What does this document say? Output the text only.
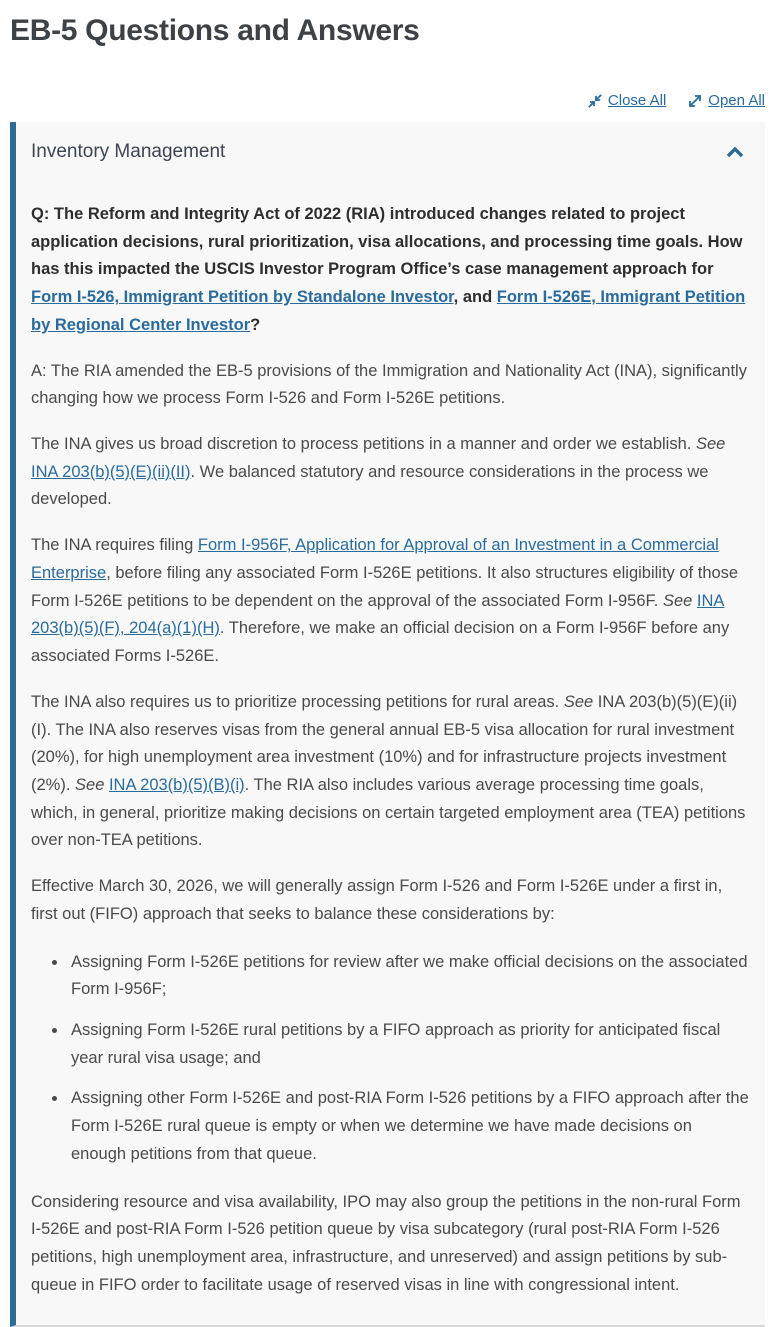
EB-5 Questions and Answers
Close All	Open All
Inventory Management

Q: The Reform and Integrity Act of 2022 (RIA) introduced changes related to project application decisions, rural prioritization, visa allocations, and processing time goals. How has this impacted the USCIS Investor Program Office’s case management approach for Form I-526, Immigrant Petition by Standalone Investor, and Form I-526E, Immigrant Petition by Regional Center Investor?

A: The RIA amended the EB-5 provisions of the Immigration and Nationality Act (INA), significantly changing how we process Form I-526 and Form I-526E petitions.

The INA gives us broad discretion to process petitions in a manner and order we establish. See INA 203(b)(5)(E)(ii)(II). We balanced statutory and resource considerations in the process we developed.

The INA requires filing Form I-956F, Application for Approval of an Investment in a Commercial Enterprise, before filing any associated Form I-526E petitions. It also structures eligibility of those Form I-526E petitions to be dependent on the approval of the associated Form I-956F. See INA 203(b)(5)(F), 204(a)(1)(H). Therefore, we make an official decision on a Form I-956F before any associated Forms I-526E.

The INA also requires us to prioritize processing petitions for rural areas. See INA 203(b)(5)(E)(ii)(I). The INA also reserves visas from the general annual EB-5 visa allocation for rural investment (20%), for high unemployment area investment (10%) and for infrastructure projects investment (2%). See INA 203(b)(5)(B)(i). The RIA also includes various average processing time goals, which, in general, prioritize making decisions on certain targeted employment area (TEA) petitions over non-TEA petitions.

Effective March 30, 2026, we will generally assign Form I-526 and Form I-526E under a first in, first out (FIFO) approach that seeks to balance these considerations by:

• Assigning Form I-526E petitions for review after we make official decisions on the associated Form I-956F;
• Assigning Form I-526E rural petitions by a FIFO approach as priority for anticipated fiscal year rural visa usage; and
• Assigning other Form I-526E and post-RIA Form I-526 petitions by a FIFO approach after the Form I-526E rural queue is empty or when we determine we have made decisions on enough petitions from that queue.

Considering resource and visa availability, IPO may also group the petitions in the non-rural Form I-526E and post-RIA Form I-526 petition queue by visa subcategory (rural post-RIA Form I-526 petitions, high unemployment area, infrastructure, and unreserved) and assign petitions by sub-queue in FIFO order to facilitate usage of reserved visas in line with congressional intent.
